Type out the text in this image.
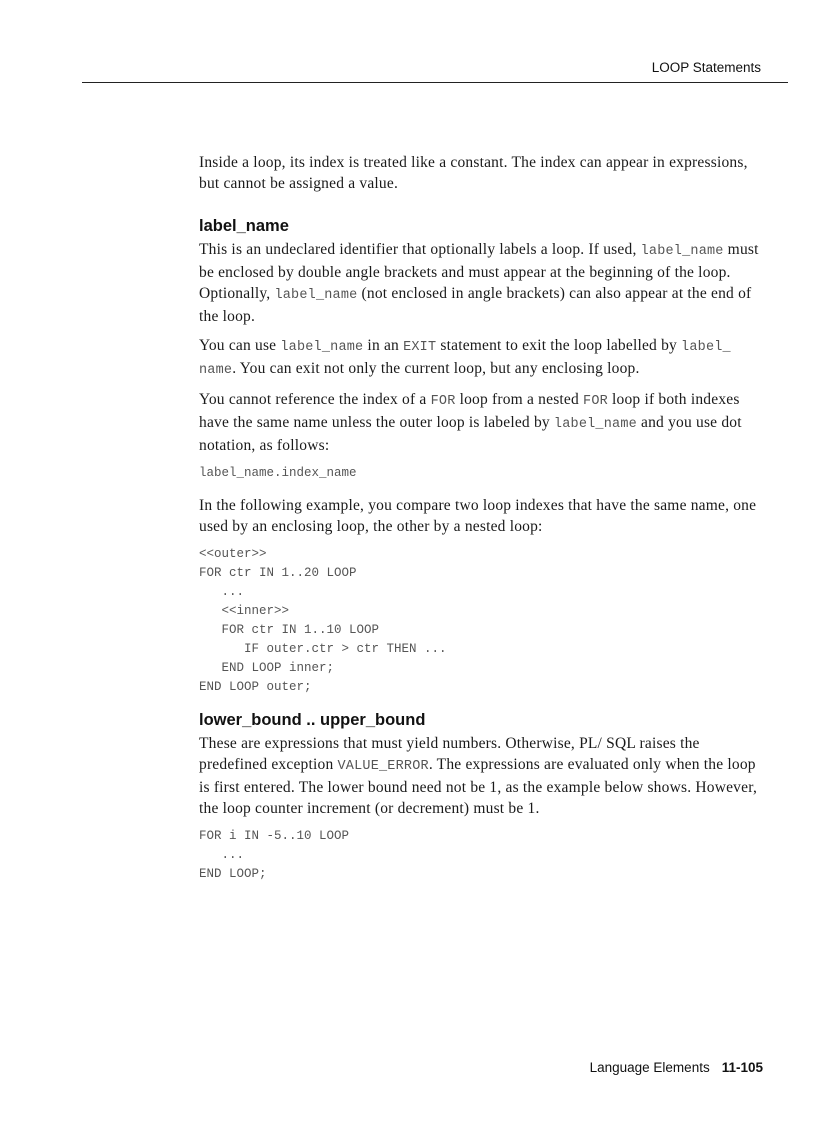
LOOP Statements

Inside a loop, its index is treated like a constant. The index can appear in expressions, but cannot be assigned a value.

label_name

This is an undeclared identifier that optionally labels a loop. If used, label_name must be enclosed by double angle brackets and must appear at the beginning of the loop. Optionally, label_name (not enclosed in angle brackets) can also appear at the end of the loop.

You can use label_name in an EXIT statement to exit the loop labelled by label_ name. You can exit not only the current loop, but any enclosing loop.

You cannot reference the index of a FOR loop from a nested FOR loop if both indexes have the same name unless the outer loop is labeled by label_name and you use dot notation, as follows:

label_name.index_name

In the following example, you compare two loop indexes that have the same name, one used by an enclosing loop, the other by a nested loop:

<<outer>>
FOR ctr IN 1..20 LOOP
...
<<inner>>
FOR ctr IN 1..10 LOOP
IF outer.ctr > ctr THEN ...
END LOOP inner;
END LOOP outer;
lower_bound .. upper_bound

These are expressions that must yield numbers. Otherwise, PL/ SQL raises the predefined exception VALUE_ERROR. The expressions are evaluated only when the loop is first entered. The lower bound need not be 1, as the example below shows. However, the loop counter increment (or decrement) must be 1.

FOR i IN -5..10 LOOP
...
END LOOP;
Language Elements 11-105
